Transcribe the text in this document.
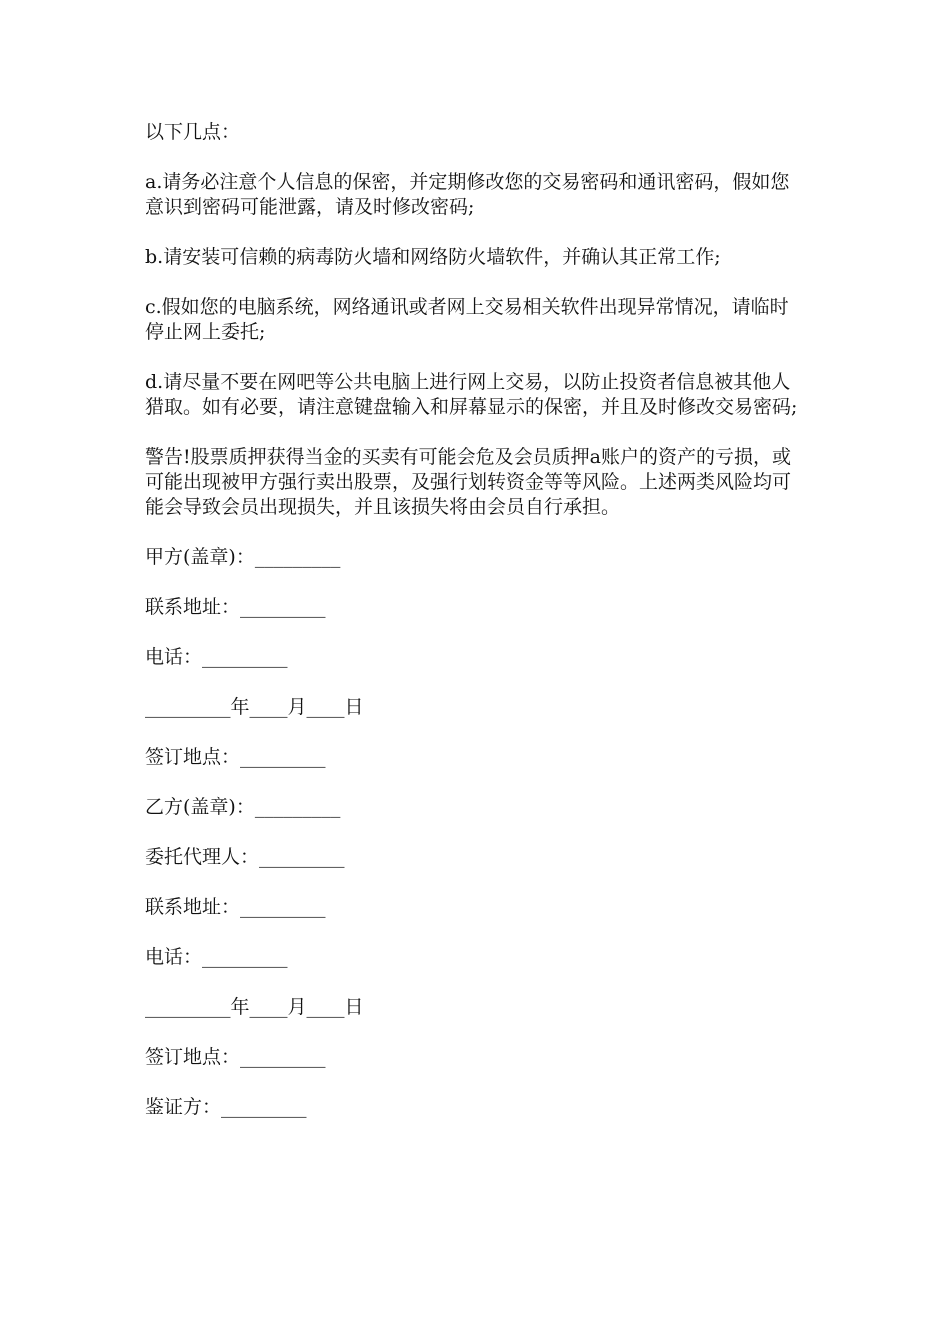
以下几点：

a.请务必注意个人信息的保密，并定期修改您的交易密码和通讯密码，假如您意识到密码可能泄露，请及时修改密码;

b.请安装可信赖的病毒防火墙和网络防火墙软件，并确认其正常工作;

c.假如您的电脑系统，网络通讯或者网上交易相关软件出现异常情况，请临时停止网上委托;

d.请尽量不要在网吧等公共电脑上进行网上交易，以防止投资者信息被其他人猎取。如有必要，请注意键盘输入和屏幕显示的保密，并且及时修改交易密码;

警告!股票质押获得当金的买卖有可能会危及会员质押a账户的资产的亏损，或可能出现被甲方强行卖出股票，及强行划转资金等等风险。上述两类风险均可能会导致会员出现损失，并且该损失将由会员自行承担。

甲方(盖章)：_________

联系地址：_________

电话：_________

_________年____月____日

签订地点：_________

乙方(盖章)：_________

委托代理人：_________

联系地址：_________

电话：_________

_________年____月____日

签订地点：_________

鉴证方：_________
